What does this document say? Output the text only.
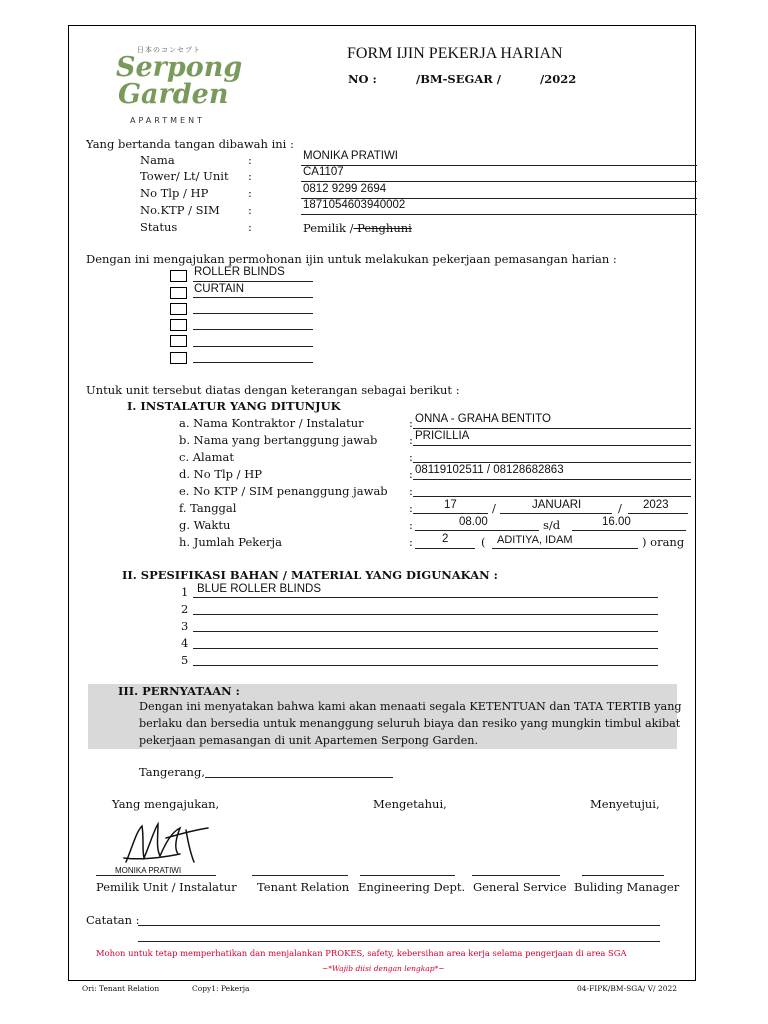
日本のコンセプト
Serpong
Garden
APARTMENT
FORM IJIN PEKERJA HARIAN
NO :	/BM-SEGAR /	/2022
Yang bertanda tangan dibawah ini :
Nama	:	MONIKA PRATIWI
Tower/ Lt/ Unit :	CA1107
No Tlp / HP	:	0812 9299 2694
No.KTP / SIM :	1871054603940002
Status	:	Pemilik / Penghuni
Dengan ini mengajukan permohonan ijin untuk melakukan pekerjaan pemasangan harian :
ROLLER BLINDS
CURTAIN
Untuk unit tersebut diatas dengan keterangan sebagai berikut :
I. INSTALATUR YANG DITUNJUK
a. Nama Kontraktor / Instalatur	: ONNA - GRAHA BENTITO
b. Nama yang bertanggung jawab	: PRICILLIA
c. Alamat	:
d. No Tlp / HP	: 08119102511 / 08128682863
e. No KTP / SIM penanggung jawab :
f. Tanggal	:	17	/	JANUARI	/ 2023
g. Waktu	:	08.00	s/d	16.00
h. Jumlah Pekerja	:	2	( ADITIYA, IDAM	) orang
II. SPESIFIKASI BAHAN / MATERIAL YANG DIGUNAKAN :
1 BLUE ROLLER BLINDS
2
3
4
5
III. PERNYATAAN :
Dengan ini menyatakan bahwa kami akan menaati segala KETENTUAN dan TATA TERTIB yang
berlaku dan bersedia untuk menanggung seluruh biaya dan resiko yang mungkin timbul akibat
pekerjaan pemasangan di unit Apartemen Serpong Garden.
Tangerang,
Yang mengajukan,	Mengetahui,	Menyetujui,
MONIKA PRATIWI
Pemilik Unit / Instalatur Tenant Relation Engineering Dept. General Service Buliding Manager
Catatan :
Mohon untuk tetap memperhatikan dan menjalankan PROKES, safety, kebersihan area kerja selama pengerjaan di area SGA
~*Wajib diisi dengan lengkap*~
Ori: Tenant Relation	Copy1: Pekerja	04-FIPK/BM-SGA/ V/ 2022
